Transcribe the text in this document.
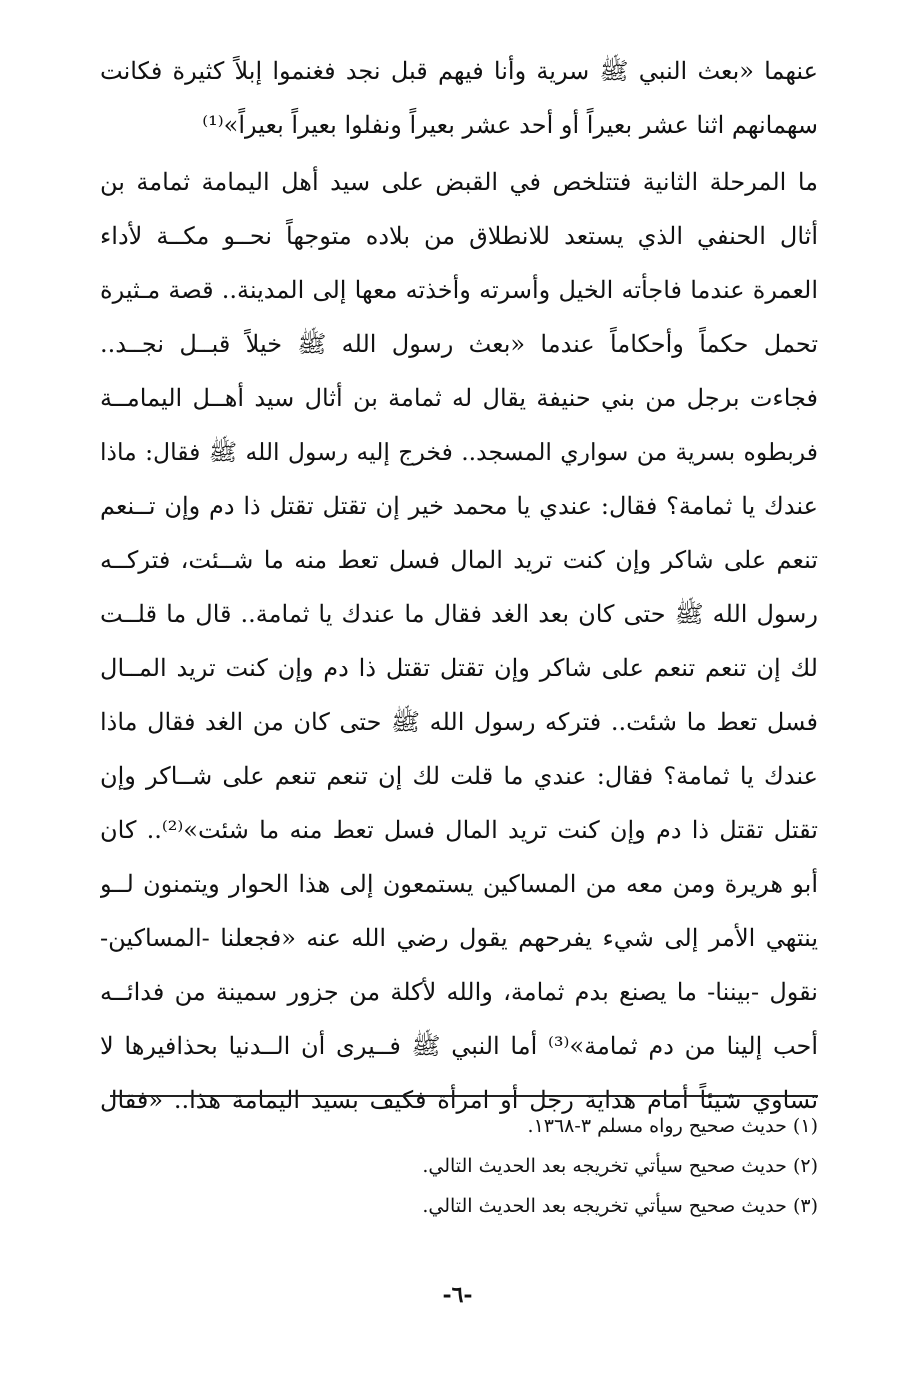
عنهما «بعث النبي ﷺ سرية وأنا فيهم قبل نجد فغنموا إبلاً كثيرة فكانت
سهمانهم اثنا عشر بعيراً أو أحد عشر بعيراً ونفلوا بعيراً بعيراً»⁽¹⁾
ما المرحلة الثانية فتتلخص في القبض على سيد أهل اليمامة ثمامة بن
أثال الحنفي الذي يستعد للانطلاق من بلاده متوجهاً نحــو مكــة لأداء
العمرة عندما فاجأته الخيل وأسرته وأخذته معها إلى المدينة.. قصة مـثيرة
تحمل حكماً وأحكاماً عندما «بعث رسول الله ﷺ خيلاً قبــل نجــد..
فجاءت برجل من بني حنيفة يقال له ثمامة بن أثال سيد أهــل اليمامــة
فربطوه بسرية من سواري المسجد.. فخرج إليه رسول الله ﷺ فقال: ماذا
عندك يا ثمامة؟ فقال: عندي يا محمد خير إن تقتل تقتل ذا دم وإن تــنعم
تنعم على شاكر وإن كنت تريد المال فسل تعط منه ما شــئت، فتركــه
رسول الله ﷺ حتى كان بعد الغد فقال ما عندك يا ثمامة.. قال ما قلــت
لك إن تنعم تنعم على شاكر وإن تقتل تقتل ذا دم وإن كنت تريد المــال
فسل تعط ما شئت.. فتركه رسول الله ﷺ حتى كان من الغد فقال ماذا
عندك يا ثمامة؟ فقال: عندي ما قلت لك إن تنعم تنعم على شــاكر وإن
تقتل تقتل ذا دم وإن كنت تريد المال فسل تعط منه ما شئت»⁽²⁾.. كان
أبو هريرة ومن معه من المساكين يستمعون إلى هذا الحوار ويتمنون لــو
ينتهي الأمر إلى شيء يفرحهم يقول رضي الله عنه «فجعلنا -المساكين-
نقول -بيننا- ما يصنع بدم ثمامة، والله لأكلة من جزور سمينة من فدائــه
أحب إلينا من دم ثمامة»⁽³⁾ أما النبي ﷺ فــيرى أن الــدنيا بحذافيرها لا
تساوي شيئاً أمام هداية رجل أو امرأة فكيف بسيد اليمامة هذا.. «فقال
(١) حديث صحيح رواه مسلم ٣-١٣٦٨.
(٢) حديث صحيح سيأتي تخريجه بعد الحديث التالي.
(٣) حديث صحيح سيأتي تخريجه بعد الحديث التالي.
-٦-
